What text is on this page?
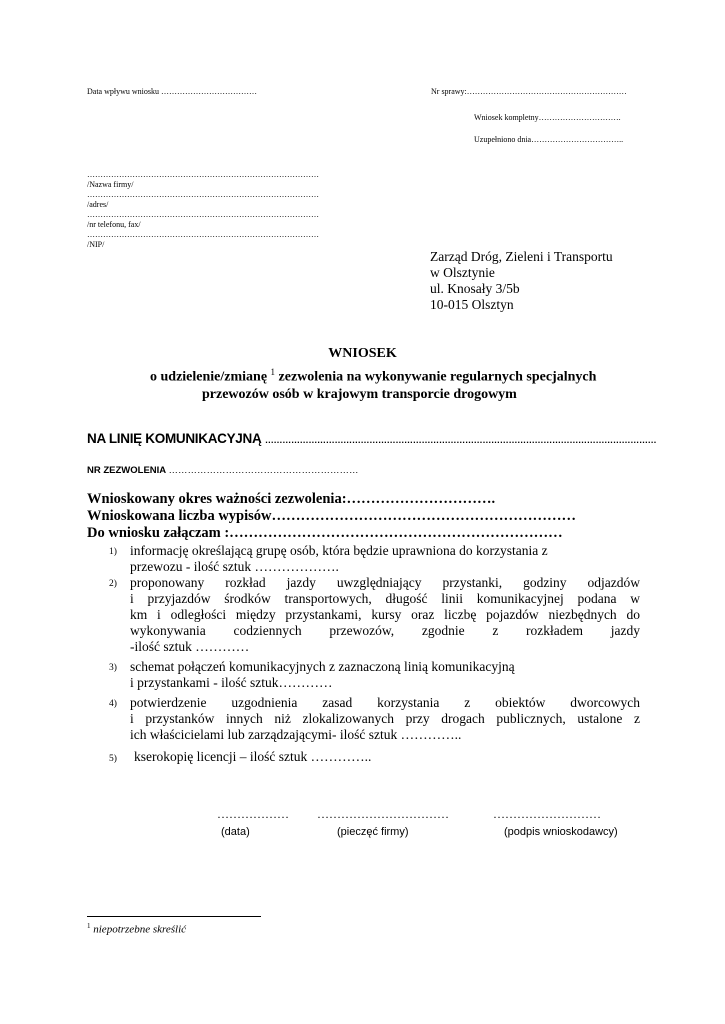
Data wpływu wniosku ………………………………	Nr sprawy:……………………………………………………
Wniosek kompletny………………………….
Uzupełniono dnia……………………………..
……………………………………………………………………………
/Nazwa firmy/
……………………………………………………………………………
/adres/
……………………………………………………………………………
/nr telefonu, fax/
……………………………………………………………………………
/NIP/
Zarząd Dróg, Zieleni i Transportu
w Olsztynie
ul. Knosały 3/5b
10-015 Olsztyn
WNIOSEK
o udzielenie/zmianę $^1$ zezwolenia na wykonywanie regularnych specjalnych
przewozów osób w krajowym transporcie drogowym
NA LINIĘ KOMUNIKACYJNĄ ………………………………………………………………………………………………………………………
NR ZEZWOLENIA ……………………………………………………
Wnioskowany okres ważności zezwolenia:………………………….
Wnioskowana liczba wypisów………………………………………………………
Do wniosku załączam :……………………………………………………………
1) informację określającą grupę osób, która będzie uprawniona do korzystania z
przewozu - ilość sztuk ……………….
2) proponowany rozkład jazdy uwzględniający przystanki, godziny odjazdów
i przyjazdów środków transportowych, długość linii komunikacyjnej podana w
km i odległości między przystankami, kursy oraz liczbę pojazdów niezbędnych do
wykonywania codziennych przewozów, zgodnie z rozkładem jazdy
-ilość sztuk …………
3) schemat połączeń komunikacyjnych z zaznaczoną linią komunikacyjną
i przystankami - ilość sztuk…………
4) potwierdzenie uzgodnienia zasad korzystania z obiektów dworcowych
i przystanków innych niż zlokalizowanych przy drogach publicznych, ustalone z
ich właścicielami lub zarządzającymi- ilość sztuk …………..
5) kserokopię licencji – ilość sztuk …………..
………………
(data)
……………………………
(pieczęć firmy)
………………………
(podpis wnioskodawcy)
$^1$ niepotrzebne skreślić
